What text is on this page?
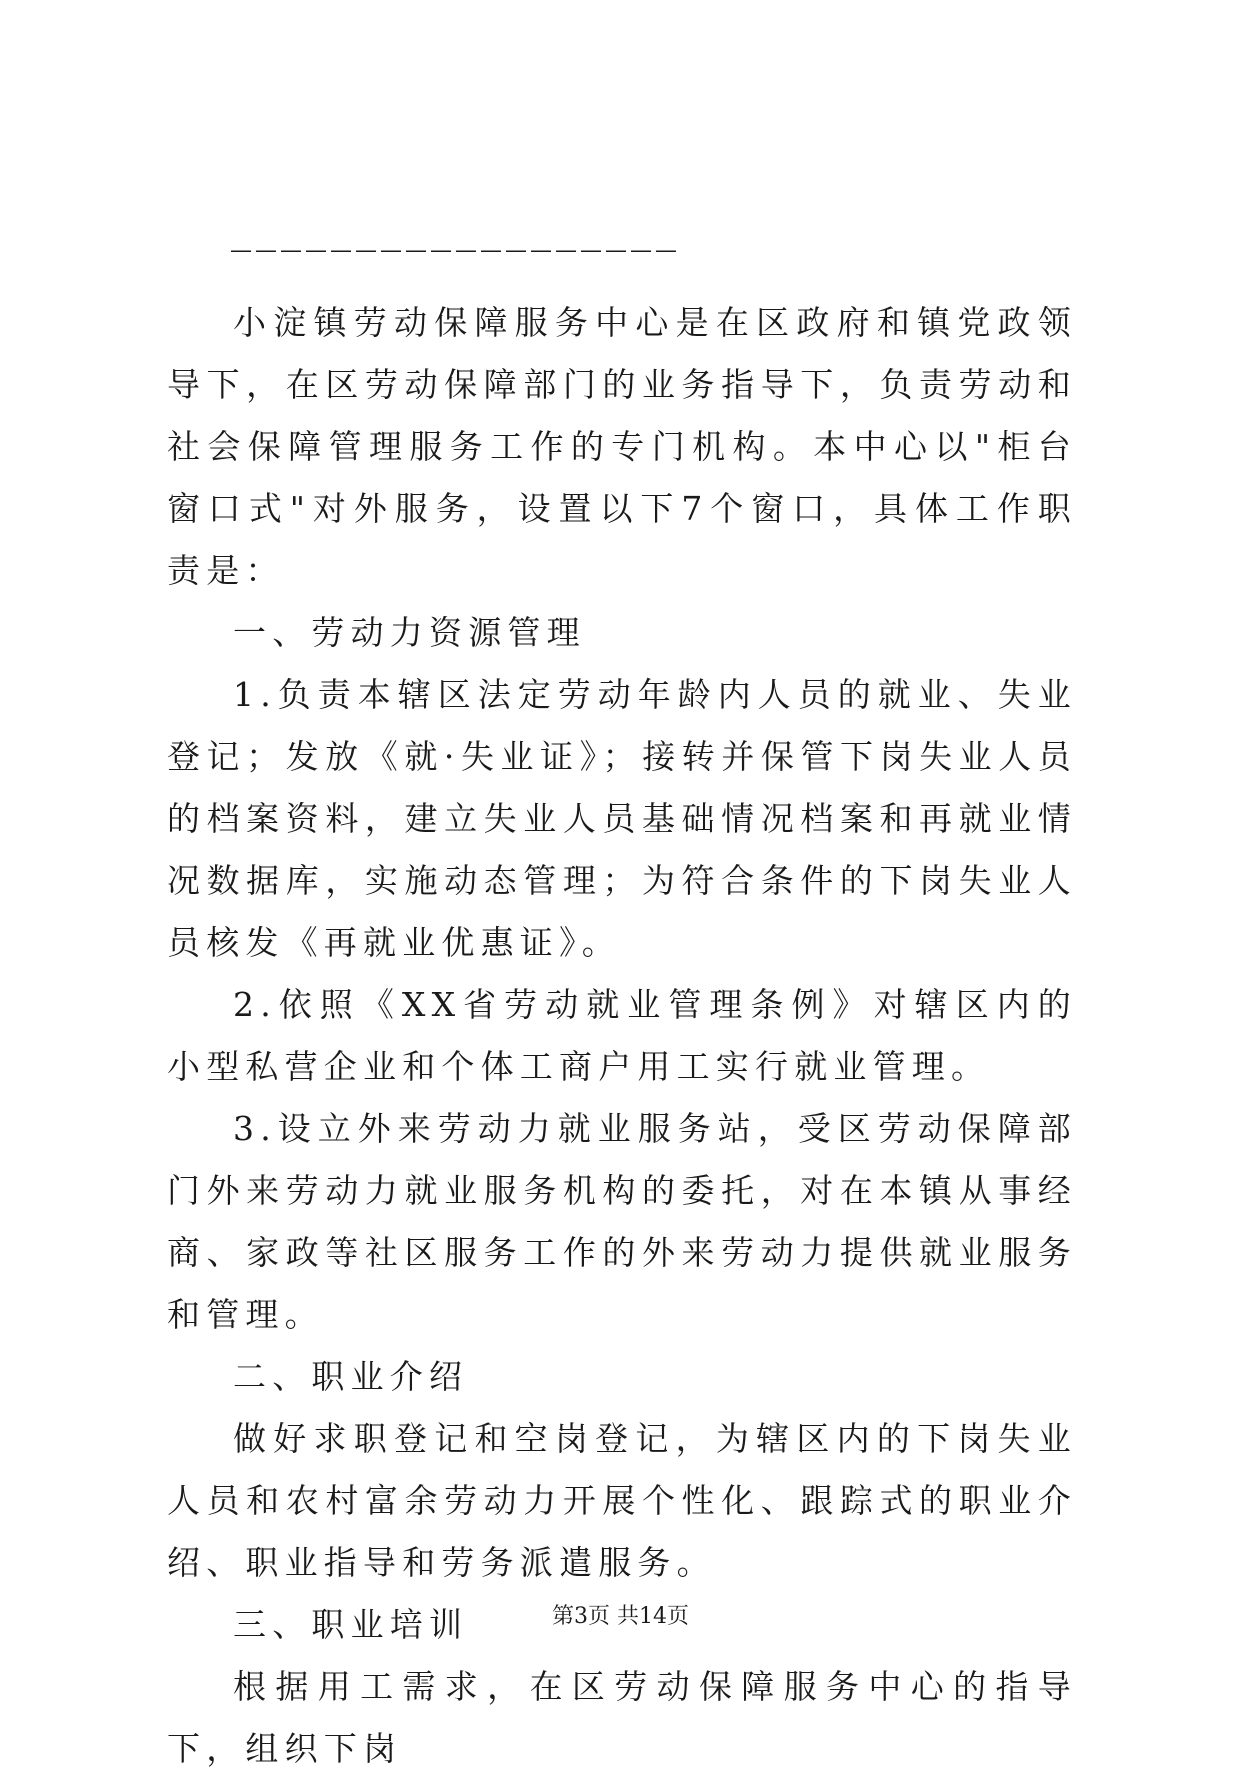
——————————————————

小淀镇劳动保障服务中心是在区政府和镇党政领导下，在区劳动保障部门的业务指导下，负责劳动和社会保障管理服务工作的专门机构。本中心以"柜台窗口式"对外服务，设置以下7个窗口，具体工作职责是：

一、劳动力资源管理

1.负责本辖区法定劳动年龄内人员的就业、失业登记；发放《就·失业证》；接转并保管下岗失业人员的档案资料，建立失业人员基础情况档案和再就业情况数据库，实施动态管理；为符合条件的下岗失业人员核发《再就业优惠证》。

2.依照《XX省劳动就业管理条例》对辖区内的小型私营企业和个体工商户用工实行就业管理。

3.设立外来劳动力就业服务站，受区劳动保障部门外来劳动力就业服务机构的委托，对在本镇从事经商、家政等社区服务工作的外来劳动力提供就业服务和管理。

二、职业介绍

做好求职登记和空岗登记，为辖区内的下岗失业人员和农村富余劳动力开展个性化、跟踪式的职业介绍、职业指导和劳务派遣服务。

三、职业培训

根据用工需求，在区劳动保障服务中心的指导下，组织下岗

第3页 共14页
